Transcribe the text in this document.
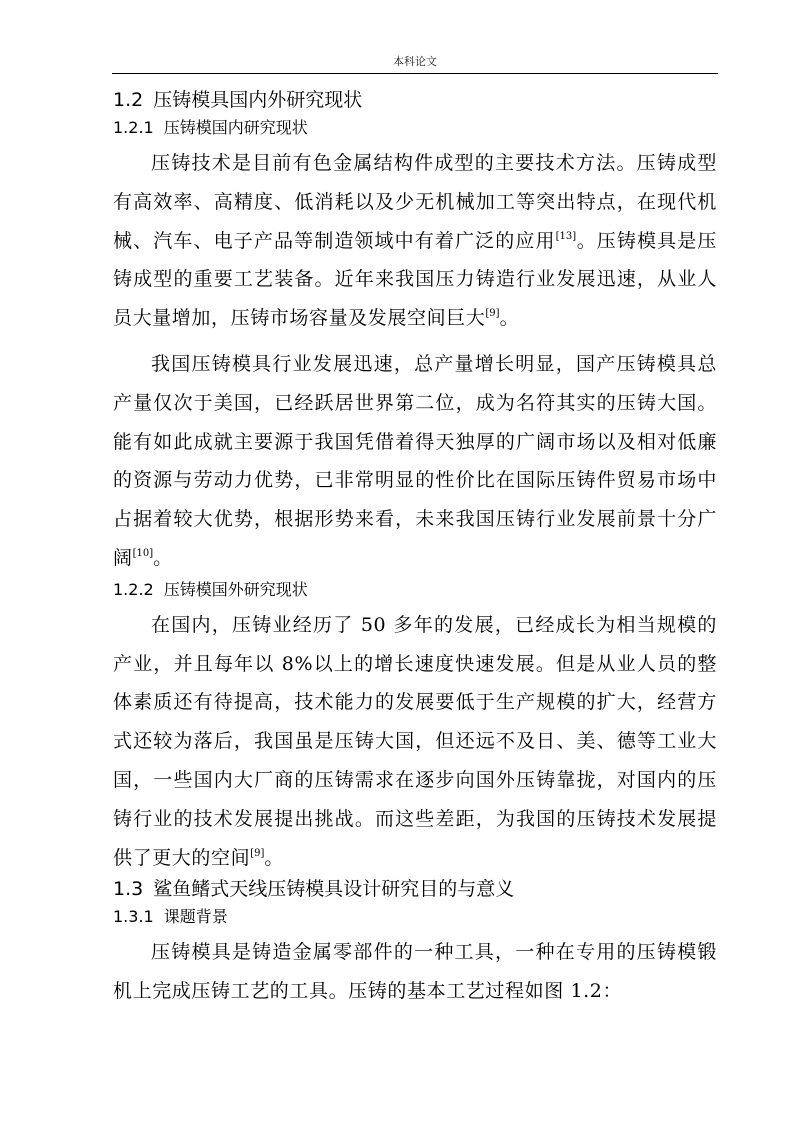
本科论文
1.2 压铸模具国内外研究现状
1.2.1 压铸模国内研究现状

压铸技术是目前有色金属结构件成型的主要技术方法。压铸成型有高效率、高精度、低消耗以及少无机械加工等突出特点，在现代机械、汽车、电子产品等制造领域中有着广泛的应用[13]。压铸模具是压铸成型的重要工艺装备。近年来我国压力铸造行业发展迅速，从业人员大量增加，压铸市场容量及发展空间巨大[9]。

我国压铸模具行业发展迅速，总产量增长明显，国产压铸模具总产量仅次于美国，已经跃居世界第二位，成为名符其实的压铸大国。能有如此成就主要源于我国凭借着得天独厚的广阔市场以及相对低廉的资源与劳动力优势，已非常明显的性价比在国际压铸件贸易市场中占据着较大优势，根据形势来看，未来我国压铸行业发展前景十分广阔[10]。

1.2.2 压铸模国外研究现状

在国内，压铸业经历了 50 多年的发展，已经成长为相当规模的产业，并且每年以 8%以上的增长速度快速发展。但是从业人员的整体素质还有待提高，技术能力的发展要低于生产规模的扩大，经营方式还较为落后，我国虽是压铸大国，但还远不及日、美、德等工业大国，一些国内大厂商的压铸需求在逐步向国外压铸靠拢，对国内的压铸行业的技术发展提出挑战。而这些差距，为我国的压铸技术发展提供了更大的空间[9]。

1.3 鲨鱼鳍式天线压铸模具设计研究目的与意义
1.3.1 课题背景

压铸模具是铸造金属零部件的一种工具，一种在专用的压铸模锻机上完成压铸工艺的工具。压铸的基本工艺过程如图 1.2：
